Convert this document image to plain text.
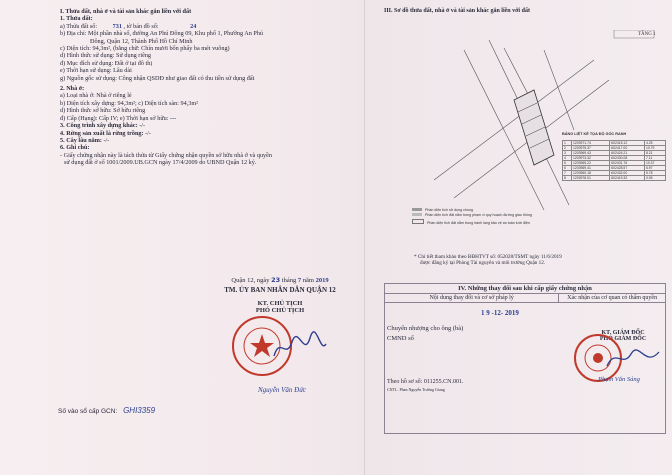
I. Thửa đất, nhà ở và tài sản khác gắn liền với đất
1. Thửa đất:
a) Thửa đất số:	731 , tờ bản đồ số:	24
b) Địa chỉ: Một phần nhà số, đường An Phú Đông 09, Khu phố 1, Phường An Phú
Đông, Quận 12, Thành Phố Hồ Chí Minh
c) Diện tích: 94,3m², (bằng chữ: Chín mươi bốn phẩy ba mét vuông)
d) Hình thức sử dụng: Sử dụng riêng
đ) Mục đích sử dụng: Đất ở tại đô thị
e) Thời hạn sử dụng: Lâu dài
g) Nguồn gốc sử dụng: Công nhận QSDĐ như giao đất có thu tiền sử dụng đất
2. Nhà ở:
a) Loại nhà ở: Nhà ở riêng lẻ
b) Diện tích xây dựng: 94,3m²; c) Diện tích sàn: 94,3m²
d) Hình thức sở hữu: Sở hữu riêng
đ) Cấp (Hạng): Cấp IV; e) Thời hạn sở hữu: ---
3. Công trình xây dựng khác: -/-
4. Rừng sản xuất là rừng trồng: -/-
5. Cây lâu năm: -/-
6. Ghi chú:
- Giấy chứng nhận này là tách thửa từ Giấy chứng nhận quyền sở hữu nhà ở và quyền
sử dụng đất ở số 1001/2009.UB.GCN ngày 17/4/2009 do UBND Quận 12 ký.
Quận 12, ngày 23 tháng 7 năm 2019
TM. ỦY BAN NHÂN DÂN QUẬN 12
KT. CHỦ TỊCH
PHÓ CHỦ TỊCH
Nguyễn Văn Đức
Số vào sổ cấp GCN: GHI3359
III. Sơ đồ thửa đất, nhà ở và tài sản khác gắn liền với đất
TẦNG 1
BẢNG LIỆT KÊ TỌA ĐỘ GÓC RANH
1	1203971.74	602415.12	4.25
2	1203975.37	602417.00	10.79
3	1203969.43	602424.21	8.21
4	1203973.32	602430.08	7.11
5	1203965.22	602431.76	10.37
6	1203969.41	602428.57	6.97
7	1203960.18	602432.00	5.78
8	1203978.01	602419.32	0.05
Phần diện tích sử dụng chung
Phần diện tích đất nằm trong phạm vi quy hoạch đường giao thông
Phần diện tích đất nằm trong hành lang bảo vệ an toàn lưới điện
* Chi tiết tham khảo theo BĐHTVT số: 052028/TSMT ngày 11/6/2019
được đăng ký tại Phòng Tài nguyên và môi trường Quận 12.
IV. Những thay đổi sau khi cấp giấy chứng nhận
Nội dung thay đổi và cơ sở pháp lý	Xác nhận của cơ quan có thẩm quyền

1 9 -12- 2019
Chuyển nhượng cho ông (bà)
CMND số
Theo hồ sơ số: 011255.CN.001.
CNTL. Phan Nguyễn Trường Giang
KT. GIÁM ĐỐC
PHÓ GIÁM ĐỐC
Phạm Văn Sáng
